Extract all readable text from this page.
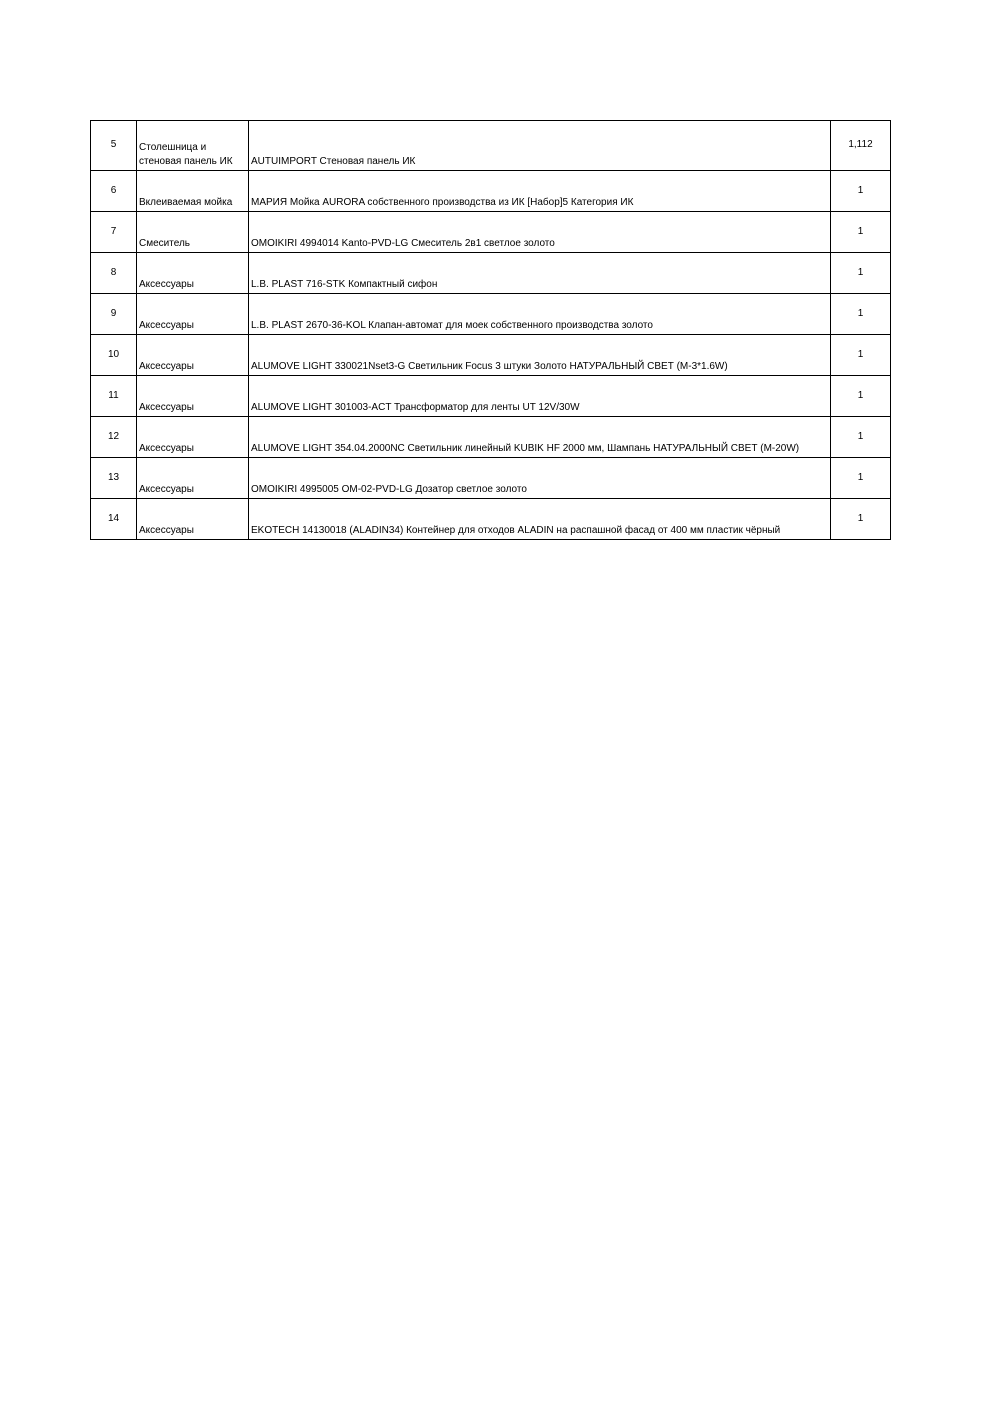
5	Столешница и стеновая панель ИК	AUTUIMPORT Стеновая панель ИК	1,112
6	Вклеиваемая мойка	МАРИЯ Мойка AURORA собственного производства из ИК [Набор]5 Категория ИК	1
7	Смеситель	OMOIKIRI 4994014 Kanto-PVD-LG Смеситель 2в1 светлое золото	1
8	Аксессуары	L.B. PLAST 716-STK Компактный сифон	1
9	Аксессуары	L.B. PLAST 2670-36-KOL Клапан-автомат для моек собственного производства золото	1
10	Аксессуары	ALUMOVE LIGHT 330021Nset3-G Светильник Focus 3 штуки Золото НАТУРАЛЬНЫЙ СВЕТ (M-3*1.6W)	1
11	Аксессуары	ALUMOVE LIGHT 301003-ACT Трансформатор для ленты UT 12V/30W	1
12	Аксессуары	ALUMOVE LIGHT 354.04.2000NC Светильник линейный KUBIK HF 2000 мм, Шампань НАТУРАЛЬНЫЙ СВЕТ (M-20W)	1
13	Аксессуары	OMOIKIRI 4995005 OM-02-PVD-LG Дозатор светлое золото	1
14	Аксессуары	EKOTECH 14130018 (ALADIN34) Контейнер для отходов ALADIN на распашной фасад от 400 мм пластик чёрный	1
